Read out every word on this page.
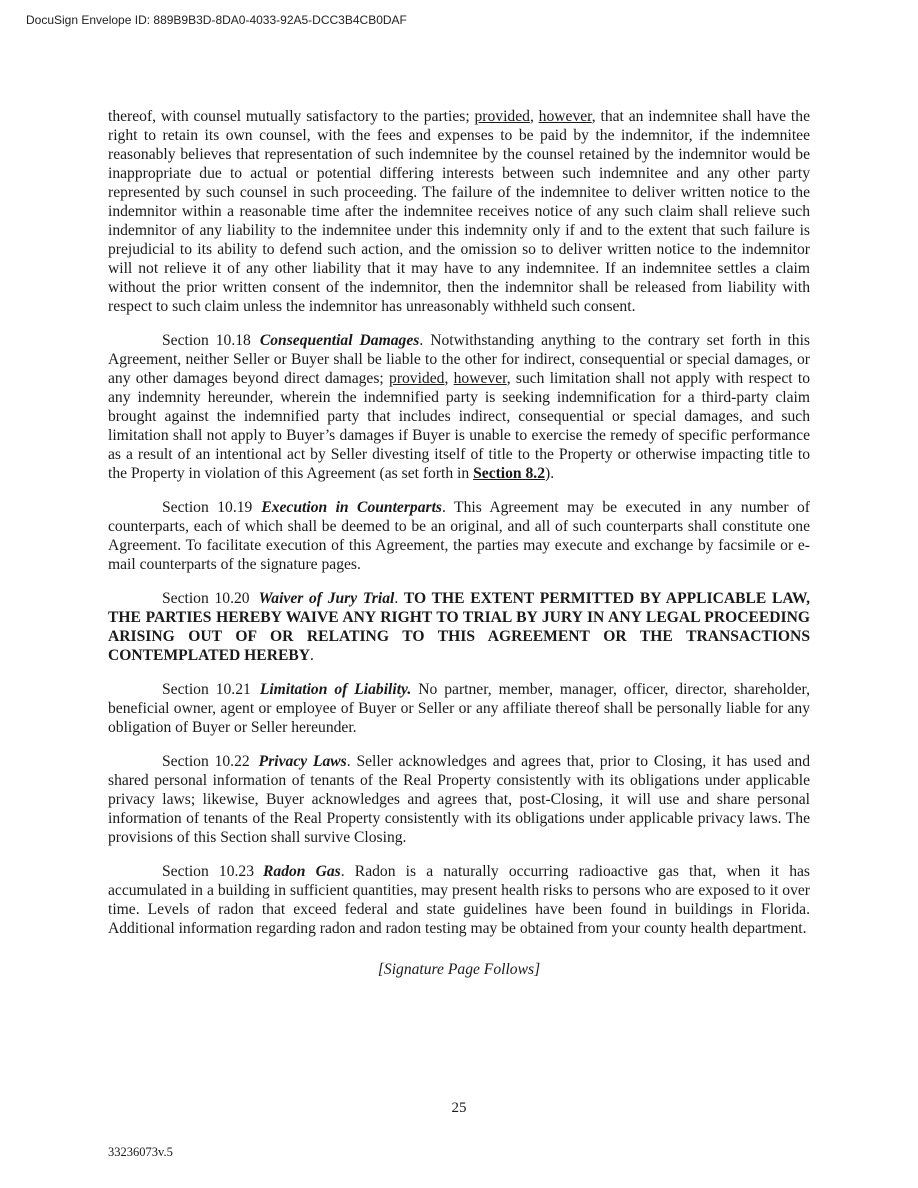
DocuSign Envelope ID: 889B9B3D-8DA0-4033-92A5-DCC3B4CB0DAF

thereof, with counsel mutually satisfactory to the parties; provided, however, that an indemnitee shall have the right to retain its own counsel, with the fees and expenses to be paid by the indemnitor, if the indemnitee reasonably believes that representation of such indemnitee by the counsel retained by the indemnitor would be inappropriate due to actual or potential differing interests between such indemnitee and any other party represented by such counsel in such proceeding. The failure of the indemnitee to deliver written notice to the indemnitor within a reasonable time after the indemnitee receives notice of any such claim shall relieve such indemnitor of any liability to the indemnitee under this indemnity only if and to the extent that such failure is prejudicial to its ability to defend such action, and the omission so to deliver written notice to the indemnitor will not relieve it of any other liability that it may have to any indemnitee. If an indemnitee settles a claim without the prior written consent of the indemnitor, then the indemnitor shall be released from liability with respect to such claim unless the indemnitor has unreasonably withheld such consent.

Section 10.18 Consequential Damages. Notwithstanding anything to the contrary set forth in this Agreement, neither Seller or Buyer shall be liable to the other for indirect, consequential or special damages, or any other damages beyond direct damages; provided, however, such limitation shall not apply with respect to any indemnity hereunder, wherein the indemnified party is seeking indemnification for a third-party claim brought against the indemnified party that includes indirect, consequential or special damages, and such limitation shall not apply to Buyer’s damages if Buyer is unable to exercise the remedy of specific performance as a result of an intentional act by Seller divesting itself of title to the Property or otherwise impacting title to the Property in violation of this Agreement (as set forth in Section 8.2).

Section 10.19 Execution in Counterparts. This Agreement may be executed in any number of counterparts, each of which shall be deemed to be an original, and all of such counterparts shall constitute one Agreement. To facilitate execution of this Agreement, the parties may execute and exchange by facsimile or e-mail counterparts of the signature pages.

Section 10.20 Waiver of Jury Trial. TO THE EXTENT PERMITTED BY APPLICABLE LAW, THE PARTIES HEREBY WAIVE ANY RIGHT TO TRIAL BY JURY IN ANY LEGAL PROCEEDING ARISING OUT OF OR RELATING TO THIS AGREEMENT OR THE TRANSACTIONS CONTEMPLATED HEREBY.

Section 10.21 Limitation of Liability. No partner, member, manager, officer, director, shareholder, beneficial owner, agent or employee of Buyer or Seller or any affiliate thereof shall be personally liable for any obligation of Buyer or Seller hereunder.

Section 10.22 Privacy Laws. Seller acknowledges and agrees that, prior to Closing, it has used and shared personal information of tenants of the Real Property consistently with its obligations under applicable privacy laws; likewise, Buyer acknowledges and agrees that, post-Closing, it will use and share personal information of tenants of the Real Property consistently with its obligations under applicable privacy laws. The provisions of this Section shall survive Closing.

Section 10.23 Radon Gas. Radon is a naturally occurring radioactive gas that, when it has accumulated in a building in sufficient quantities, may present health risks to persons who are exposed to it over time. Levels of radon that exceed federal and state guidelines have been found in buildings in Florida. Additional information regarding radon and radon testing may be obtained from your county health department.

[Signature Page Follows]

25
33236073v.5
